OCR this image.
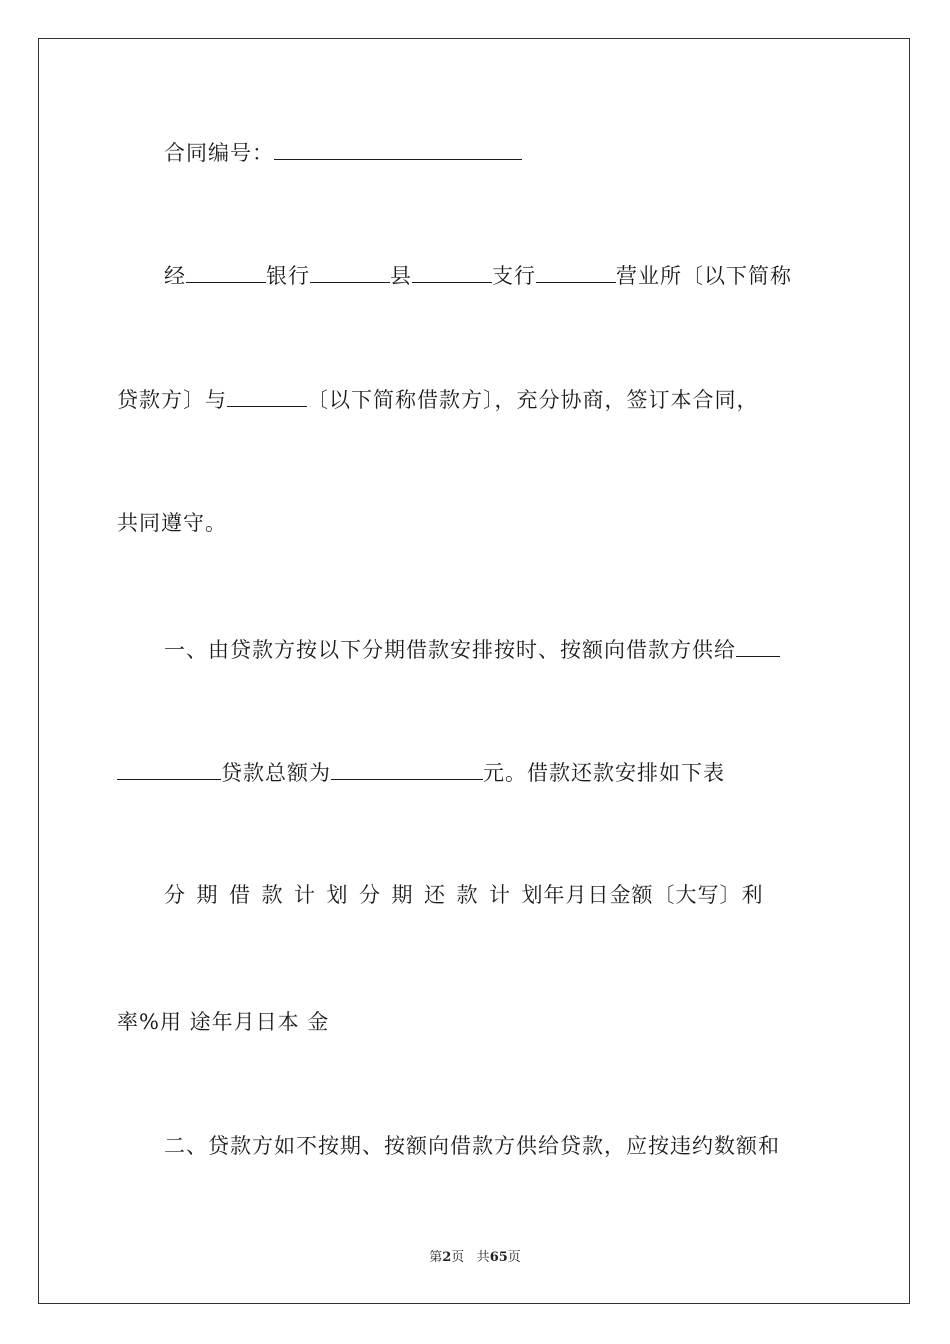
合同编号：
经	银行	县	支行	营业所〔以下简称
贷款方〕与	〔以下简称借款方〕，充分协商，签订本合同，
共同遵守。
一、由贷款方按以下分期借款安排按时、按额向借款方供给
贷款总额为	元。借款还款安排如下表
分期借款计划分期还款计划年月日金额〔大写〕利
率%用 途年月日本 金
二、贷款方如不按期、按额向借款方供给贷款，应按违约数额和
第2页 共65页
